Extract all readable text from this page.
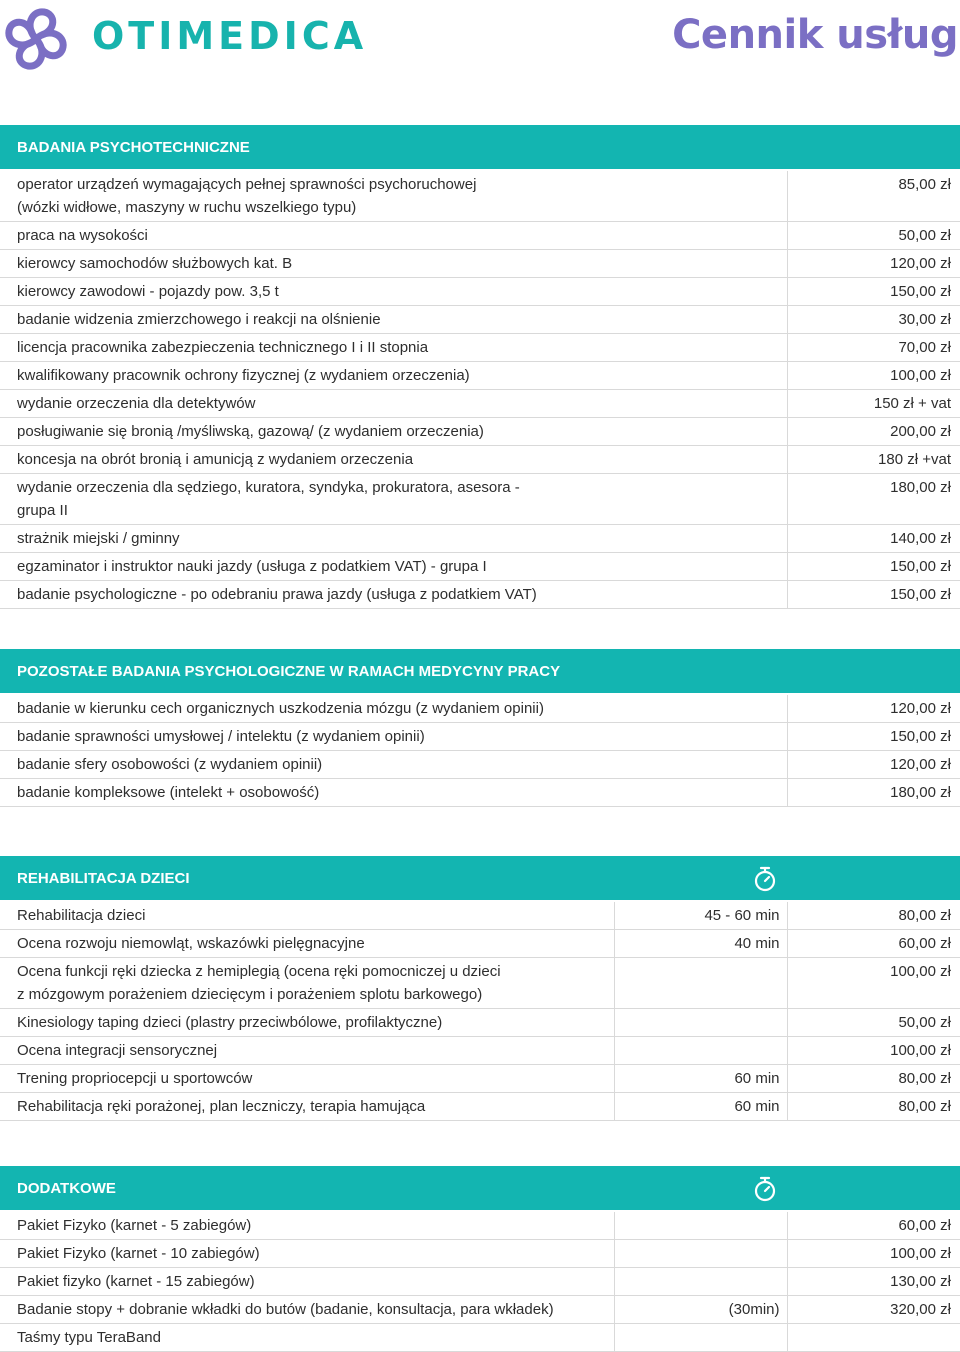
OTIMEDICA	Cennik usług
BADANIA PSYCHOTECHNICZNE
operator urządzeń wymagających pełnej sprawności psychoruchowej
(wózki widłowe, maszyny w ruchu wszelkiego typu)	85,00 zł
praca na wysokości	50,00 zł
kierowcy samochodów służbowych kat. B	120,00 zł
kierowcy zawodowi - pojazdy pow. 3,5 t	150,00 zł
badanie widzenia zmierzchowego i reakcji na olśnienie	30,00 zł
licencja pracownika zabezpieczenia technicznego I i II stopnia	70,00 zł
kwalifikowany pracownik ochrony fizycznej (z wydaniem orzeczenia)	100,00 zł
wydanie orzeczenia dla detektywów	150 zł + vat
posługiwanie się bronią /myśliwską, gazową/ (z wydaniem orzeczenia)	200,00 zł
koncesja na obrót bronią i amunicją z wydaniem orzeczenia	180 zł +vat
wydanie orzeczenia dla sędziego, kuratora, syndyka, prokuratora, asesora -
grupa II	180,00 zł
strażnik miejski / gminny	140,00 zł
egzaminator i instruktor nauki jazdy (usługa z podatkiem VAT) - grupa I	150,00 zł
badanie psychologiczne - po odebraniu prawa jazdy (usługa z podatkiem VAT)	150,00 zł
POZOSTAŁE BADANIA PSYCHOLOGICZNE W RAMACH MEDYCYNY PRACY
badanie w kierunku cech organicznych uszkodzenia mózgu (z wydaniem opinii)	120,00 zł
badanie sprawności umysłowej / intelektu (z wydaniem opinii)	150,00 zł
badanie sfery osobowości (z wydaniem opinii)	120,00 zł
badanie kompleksowe (intelekt + osobowość)	180,00 zł
REHABILITACJA DZIECI
Rehabilitacja dzieci	45 - 60 min	80,00 zł
Ocena rozwoju niemowląt, wskazówki pielęgnacyjne	40 min	60,00 zł
Ocena funkcji ręki dziecka z hemiplegią (ocena ręki pomocniczej u dzieci
z mózgowym porażeniem dziecięcym i porażeniem splotu barkowego)		100,00 zł
Kinesiology taping dzieci (plastry przeciwbólowe, profilaktyczne)		50,00 zł
Ocena integracji sensorycznej		100,00 zł
Trening propriocepcji u sportowców	60 min	80,00 zł
Rehabilitacja ręki porażonej, plan leczniczy, terapia hamująca	60 min	80,00 zł
DODATKOWE
Pakiet Fizyko (karnet - 5 zabiegów)		60,00 zł
Pakiet Fizyko (karnet - 10 zabiegów)		100,00 zł
Pakiet fizyko (karnet - 15 zabiegów)		130,00 zł
Badanie stopy + dobranie wkładki do butów (badanie, konsultacja, para wkładek)	(30min)	320,00 zł
Taśmy typu TeraBand		
